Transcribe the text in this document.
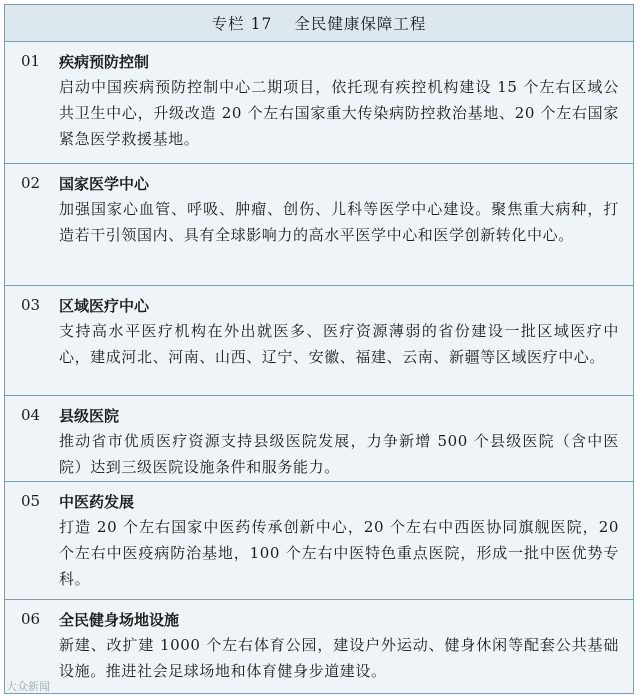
专栏 17 全民健康保障工程
01	疾病预防控制
启动中国疾病预防控制中心二期项目，依托现有疾控机构建设 15 个左右区域公共卫生中心，升级改造 20 个左右国家重大传染病防控救治基地、20 个左右国家紧急医学救援基地。
02	国家医学中心
加强国家心血管、呼吸、肿瘤、创伤、儿科等医学中心建设。聚焦重大病种，打造若干引领国内、具有全球影响力的高水平医学中心和医学创新转化中心。
03	区域医疗中心
支持高水平医疗机构在外出就医多、医疗资源薄弱的省份建设一批区域医疗中心，建成河北、河南、山西、辽宁、安徽、福建、云南、新疆等区域医疗中心。
04	县级医院
推动省市优质医疗资源支持县级医院发展，力争新增 500 个县级医院（含中医院）达到三级医院设施条件和服务能力。
05	中医药发展
打造 20 个左右国家中医药传承创新中心，20 个左右中西医协同旗舰医院，20 个左右中医疫病防治基地，100 个左右中医特色重点医院，形成一批中医优势专科。
06	全民健身场地设施
新建、改扩建 1000 个左右体育公园，建设户外运动、健身休闲等配套公共基础设施。推进社会足球场地和体育健身步道建设。
大众新闻
